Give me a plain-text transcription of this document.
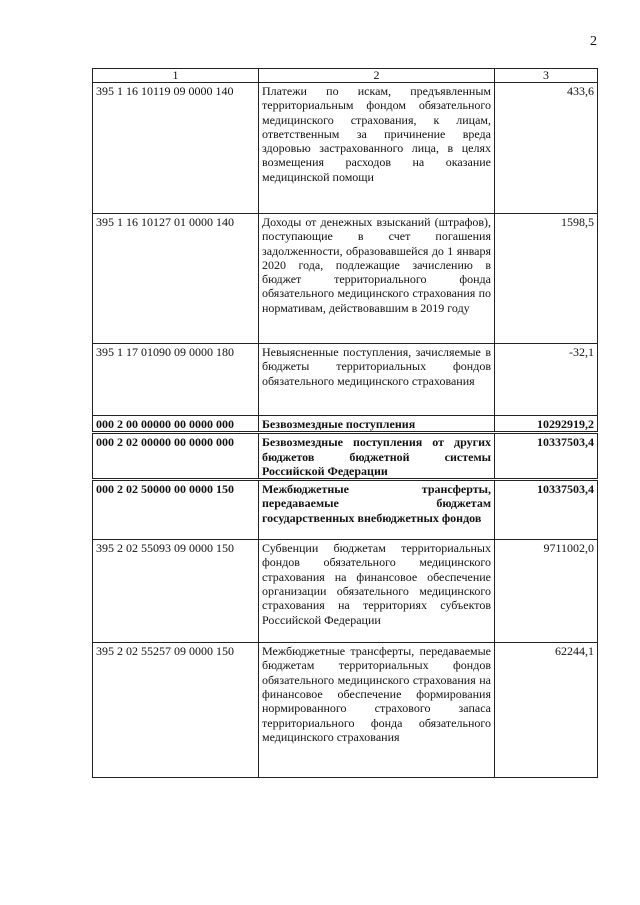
2
1	2	3
395 1 16 10119 09 0000 140	Платежи по искам, предъявленным территориальным фондом обязательного медицинского страхования, к лицам, ответственным за причинение вреда здоровью застрахованного лица, в целях возмещения расходов на оказание медицинской помощи	433,6
395 1 16 10127 01 0000 140	Доходы от денежных взысканий (штрафов), поступающие в счет погашения задолженности, образовавшейся до 1 января 2020 года, подлежащие зачислению в бюджет территориального фонда обязательного медицинского страхования по нормативам, действовавшим в 2019 году	1598,5
395 1 17 01090 09 0000 180	Невыясненные поступления, зачисляемые в бюджеты территориальных фондов обязательного медицинского страхования	-32,1
000 2 00 00000 00 0000 000	Безвозмездные поступления	10292919,2
000 2 02 00000 00 0000 000	Безвозмездные поступления от других бюджетов бюджетной системы Российской Федерации	10337503,4
000 2 02 50000 00 0000 150	Межбюджетные трансферты, передаваемые бюджетам государственных внебюджетных фондов	10337503,4
395 2 02 55093 09 0000 150	Субвенции бюджетам территориальных фондов обязательного медицинского страхования на финансовое обеспечение организации обязательного медицинского страхования на территориях субъектов Российской Федерации	9711002,0
395 2 02 55257 09 0000 150	Межбюджетные трансферты, передаваемые бюджетам территориальных фондов обязательного медицинского страхования на финансовое обеспечение формирования нормированного страхового запаса территориального фонда обязательного медицинского страхования	62244,1
